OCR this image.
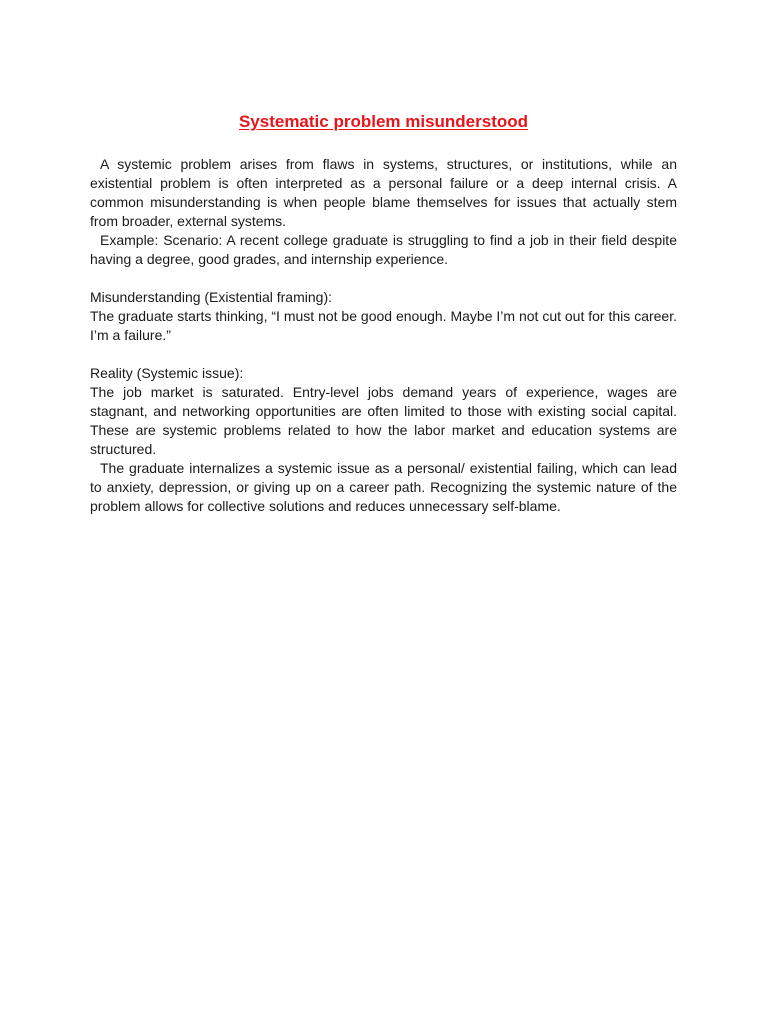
Systematic problem misunderstood

A systemic problem arises from flaws in systems, structures, or institutions, while an existential problem is often interpreted as a personal failure or a deep internal crisis. A common misunderstanding is when people blame themselves for issues that actually stem from broader, external systems.

Example: Scenario: A recent college graduate is struggling to find a job in their field despite having a degree, good grades, and internship experience.

Misunderstanding (Existential framing):

The graduate starts thinking, “I must not be good enough. Maybe I’m not cut out for this career. I’m a failure.”

Reality (Systemic issue):

The job market is saturated. Entry-level jobs demand years of experience, wages are stagnant, and networking opportunities are often limited to those with existing social capital. These are systemic problems related to how the labor market and education systems are structured.

The graduate internalizes a systemic issue as a personal/ existential failing, which can lead to anxiety, depression, or giving up on a career path. Recognizing the systemic nature of the problem allows for collective solutions and reduces unnecessary self-blame.
